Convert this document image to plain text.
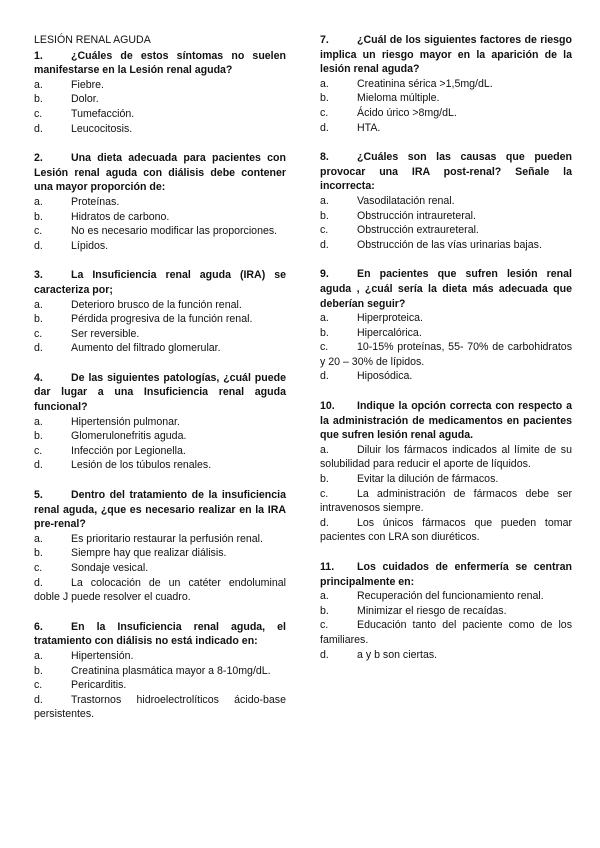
LESIÓN RENAL AGUDA
1.	¿Cuáles de estos síntomas no suelen manifestarse en la Lesión renal aguda?
a.	Fiebre.
b.	Dolor.
c.	Tumefacción.
d.	Leucocitosis.
2.	Una dieta adecuada para pacientes con Lesión renal aguda con diálisis debe contener una mayor proporción de:
a.	Proteínas.
b.	Hidratos de carbono.
c.	No es necesario modificar las proporciones.
d.	Lípidos.
3.	La Insuficiencia renal aguda (IRA) se caracteriza por;
a.	Deterioro brusco de la función renal.
b.	Pérdida progresiva de la función renal.
c.	Ser reversible.
d.	Aumento del filtrado glomerular.
4.	De las siguientes patologías, ¿cuál puede dar lugar a una Insuficiencia renal aguda funcional?
a.	Hipertensión pulmonar.
b.	Glomerulonefritis aguda.
c.	Infección por Legionella.
d.	Lesión de los túbulos renales.
5.	Dentro del tratamiento de la insuficiencia renal aguda, ¿que es necesario realizar en la IRA pre-renal?
a.	Es prioritario restaurar la perfusión renal.
b.	Siempre hay que realizar diálisis.
c.	Sondaje vesical.
d.	La colocación de un catéter endoluminal doble J puede resolver el cuadro.
6.	En la Insuficiencia renal aguda, el tratamiento con diálisis no está indicado en:
a.	Hipertensión.
b.	Creatinina plasmática mayor a 8-10mg/dL.
c.	Pericarditis.
d.	Trastornos hidroelectrolíticos ácido-base persistentes.
7.	¿Cuál de los siguientes factores de riesgo implica un riesgo mayor en la aparición de la lesión renal aguda?
a.	Creatinina sérica >1,5mg/dL.
b.	Mieloma múltiple.
c.	Ácido úrico >8mg/dL.
d.	HTA.
8.	¿Cuáles son las causas que pueden provocar una IRA post-renal? Señale la incorrecta:
a.	Vasodilatación renal.
b.	Obstrucción intraureteral.
c.	Obstrucción extraureteral.
d.	Obstrucción de las vías urinarias bajas.
9.	En pacientes que sufren lesión renal aguda , ¿cuál sería la dieta más adecuada que deberían seguir?
a.	Hiperproteica.
b.	Hipercalórica.
c.	10-15% proteínas, 55- 70% de carbohidratos y 20 – 30% de lípidos.
d.	Hiposódica.
10. Indique la opción correcta con respecto a la administración de medicamentos en pacientes que sufren lesión renal aguda.
a.	Diluir los fármacos indicados al límite de su solubilidad para reducir el aporte de líquidos.
b.	Evitar la dilución de fármacos.
c.	La administración de fármacos debe ser intravenosos siempre.
d.	Los únicos fármacos que pueden tomar pacientes con LRA son diuréticos.
11. Los cuidados de enfermería se centran principalmente en:
a.	Recuperación del funcionamiento renal.
b.	Minimizar el riesgo de recaídas.
c.	Educación tanto del paciente como de los familiares.
d.	a y b son ciertas.
